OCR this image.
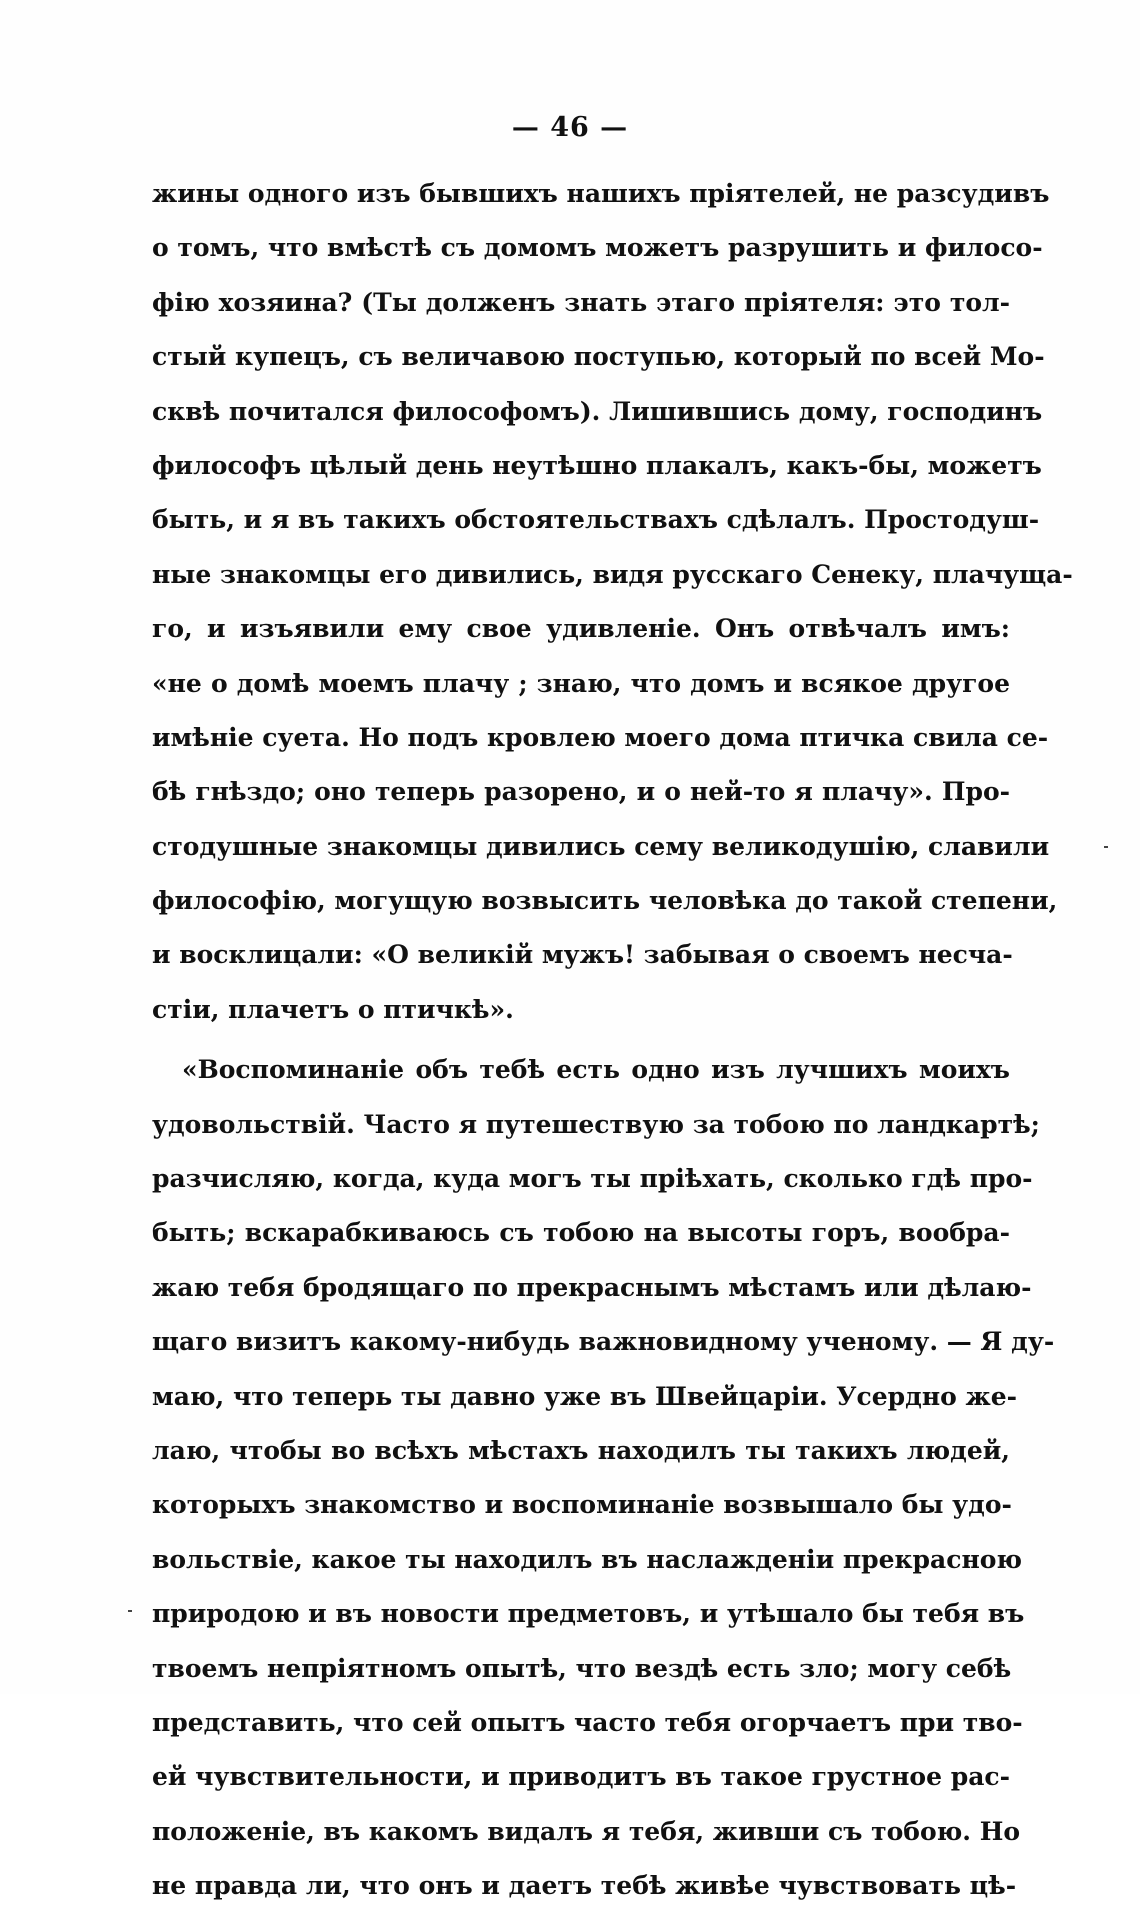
— 46 —
жины одного изъ бывшихъ нашихъ пріятелей, не разсудивъ
о томъ, что вмѣстѣ съ домомъ можетъ разрушить и филосо-
фію хозяина? (Ты долженъ знать этаго пріятеля: это тол-
стый купецъ, съ величавою поступью, который по всей Мо-
сквѣ почитался философомъ). Лишившись дому, господинъ
философъ цѣлый день неутѣшно плакалъ, какъ-бы, можетъ
быть, и я въ такихъ обстоятельствахъ сдѣлалъ. Простодуш-
ные знакомцы его дивились, видя русскаго Сенеку, плачуща-
го, и изъявили ему свое удивленіе. Онъ отвѣчалъ имъ:
«не о домѣ моемъ плачу ; знаю, что домъ и всякое другое
имѣніе суета. Но подъ кровлею моего дома птичка свила се-
бѣ гнѣздо; оно теперь разорено, и о ней-то я плачу». Про-
стодушные знакомцы дивились сему великодушію, славили
философію, могущую возвысить человѣка до такой степени,
и восклицали: «О великій мужъ! забывая о своемъ несча-
стіи, плачетъ о птичкѣ».
«Воспоминаніе объ тебѣ есть одно изъ лучшихъ моихъ
удовольствій. Часто я путешествую за тобою по ландкартѣ;
разчисляю, когда, куда могъ ты пріѣхать, сколько гдѣ про-
быть; вскарабкиваюсь съ тобою на высоты горъ, вообра-
жаю тебя бродящаго по прекраснымъ мѣстамъ или дѣлаю-
щаго визитъ какому-нибудь важновидному ученому. — Я ду-
маю, что теперь ты давно уже въ Швейцаріи. Усердно же-
лаю, чтобы во всѣхъ мѣстахъ находилъ ты такихъ людей,
которыхъ знакомство и воспоминаніе возвышало бы удо-
вольствіе, какое ты находилъ въ наслажденіи прекрасною
природою и въ новости предметовъ, и утѣшало бы тебя въ
твоемъ непріятномъ опытѣ, что вездѣ есть зло; могу себѣ
представить, что сей опытъ часто тебя огорчаетъ при тво-
ей чувствительности, и приводитъ въ такое грустное рас-
положеніе, въ какомъ видалъ я тебя, живши съ тобою. Но
не правда ли, что онъ и даетъ тебѣ живѣе чувствовать цѣ-
